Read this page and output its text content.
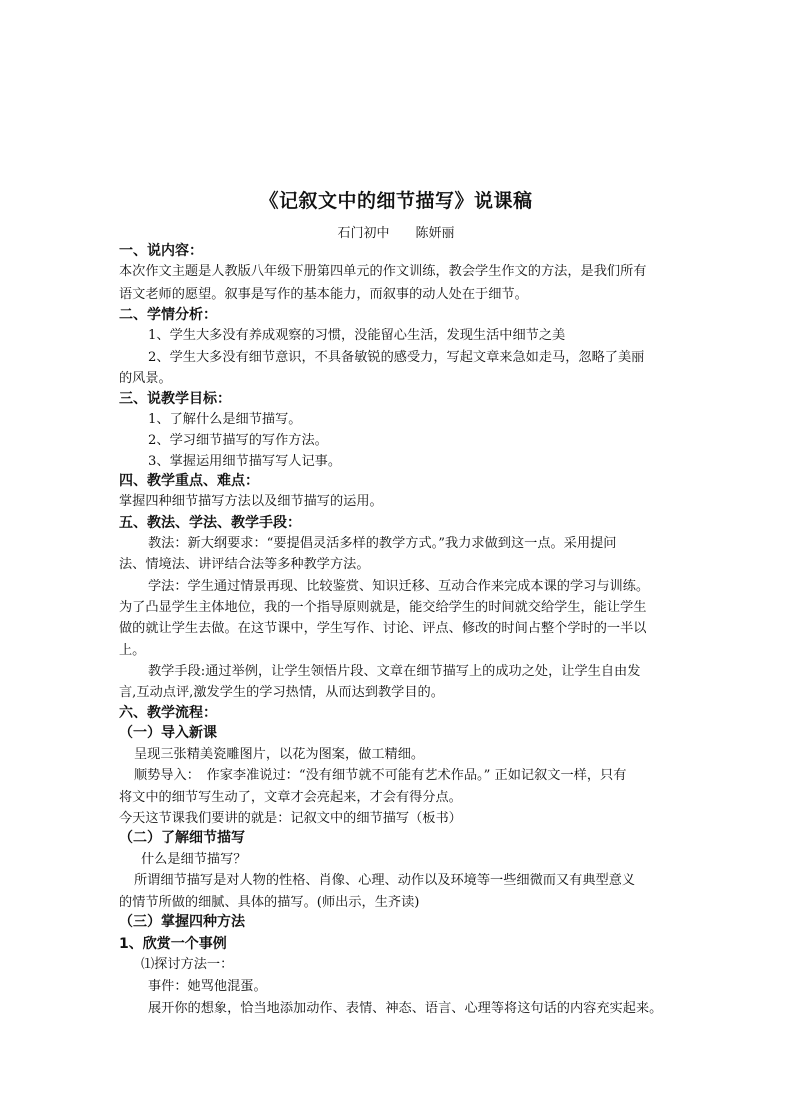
《记叙文中的细节描写》说课稿
石门初中　　陈妍丽
一、说内容：
本次作文主题是人教版八年级下册第四单元的作文训练，教会学生作文的方法，是我们所有
语文老师的愿望。叙事是写作的基本能力，而叙事的动人处在于细节。
二、学情分析：
1、学生大多没有养成观察的习惯，没能留心生活，发现生活中细节之美
2、学生大多没有细节意识，不具备敏锐的感受力，写起文章来急如走马，忽略了美丽
的风景。
三、说教学目标：
1、了解什么是细节描写。
2、学习细节描写的写作方法。
3、掌握运用细节描写写人记事。
四、教学重点、难点：
掌握四种细节描写方法以及细节描写的运用。
五、教法、学法、教学手段：
教法：新大纲要求：“要提倡灵活多样的教学方式。”我力求做到这一点。采用提问
法、情境法、讲评结合法等多种教学方法。
学法：学生通过情景再现、比较鉴赏、知识迁移、互动合作来完成本课的学习与训练。
为了凸显学生主体地位，我的一个指导原则就是，能交给学生的时间就交给学生，能让学生
做的就让学生去做。在这节课中，学生写作、讨论、评点、修改的时间占整个学时的一半以
上。
教学手段:通过举例，让学生领悟片段、文章在细节描写上的成功之处，让学生自由发
言,互动点评,激发学生的学习热情，从而达到教学目的。
六、教学流程：
（一）导入新课
呈现三张精美瓷雕图片，以花为图案，做工精细。
顺势导入：　作家李准说过：“没有细节就不可能有艺术作品。” 正如记叙文一样，只有
将文中的细节写生动了，文章才会亮起来，才会有得分点。
今天这节课我们要讲的就是：记叙文中的细节描写（板书）
（二）了解细节描写
什么是细节描写？
所谓细节描写是对人物的性格、肖像、心理、动作以及环境等一些细微而又有典型意义
的情节所做的细腻、具体的描写。(师出示，生齐读)
（三）掌握四种方法
1、欣赏一个事例
⑴探讨方法一：
事件：她骂他混蛋。
展开你的想象，恰当地添加动作、表情、神态、语言、心理等将这句话的内容充实起来。
